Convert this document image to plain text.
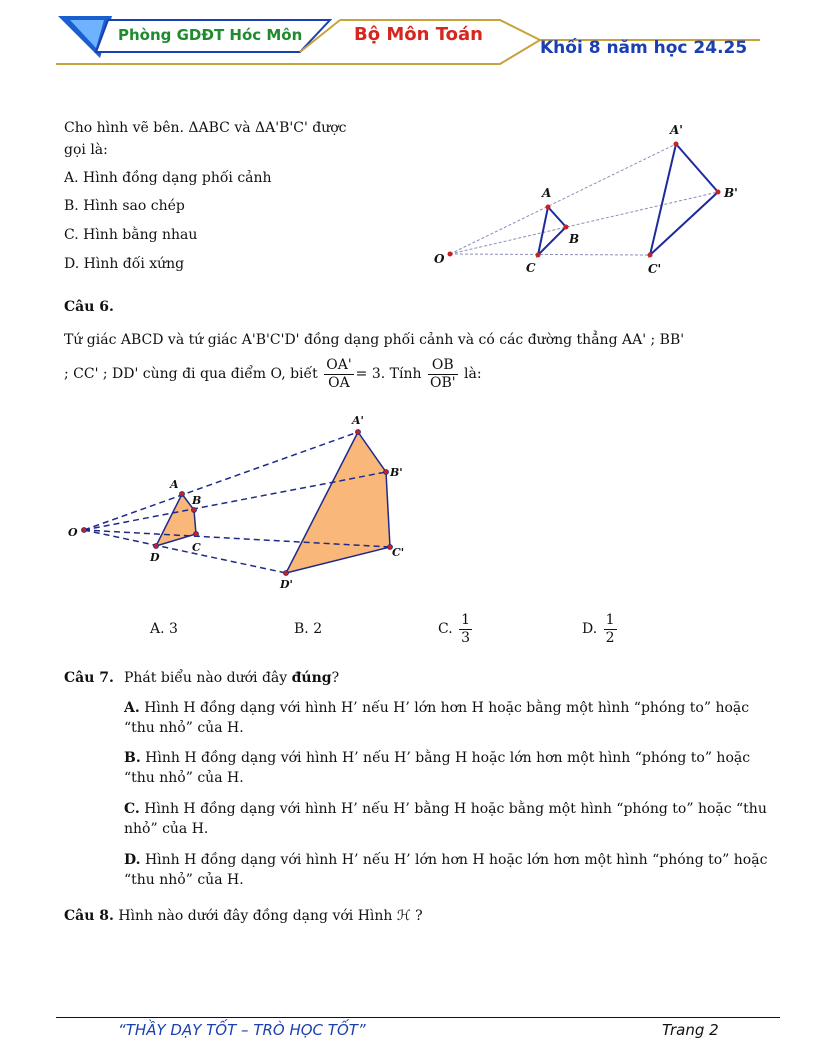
Phòng GDĐT Hóc Môn	Bộ Môn Toán
Khối 8 năm học 24.25
Cho hình vẽ bên. ΔABC và ΔA'B'C' được
gọi là:
A. Hình đồng dạng phối cảnh
B. Hình sao chép
C. Hình bằng nhau
D. Hình đối xứng
A'
B'
C'
A
B
C
O
Câu 6.
Tứ giác ABCD và tứ giác A'B'C'D' đồng dạng phối cảnh và có các đường thẳng AA' ; BB'
; CC' ; DD' cùng đi qua điểm O, biết $\frac{OA'}{OA} = 3$. Tính $\frac{OB}{OB'}$ là:
A'
B'
C'
D'
A
B
C
D
O
A. 3	B. 2	C. $\frac{1}{3}$	D. $\frac{1}{2}$
Câu 7. Phát biểu nào dưới đây đúng?
A. Hình H đồng dạng với hình H’ nếu H’ lớn hơn H hoặc bằng một hình “phóng to” hoặc “thu nhỏ” của H.
B. Hình H đồng dạng với hình H’ nếu H’ bằng H hoặc lớn hơn một hình “phóng to” hoặc “thu nhỏ” của H.
C. Hình H đồng dạng với hình H’ nếu H’ bằng H hoặc bằng một hình “phóng to” hoặc “thu nhỏ” của H.
D. Hình H đồng dạng với hình H’ nếu H’ lớn hơn H hoặc lớn hơn một hình “phóng to” hoặc “thu nhỏ” của H.
Câu 8. Hình nào dưới đây đồng dạng với Hình ℋ ?
“THẦY DẠY TỐT – TRÒ HỌC TỐT”	Trang 2
